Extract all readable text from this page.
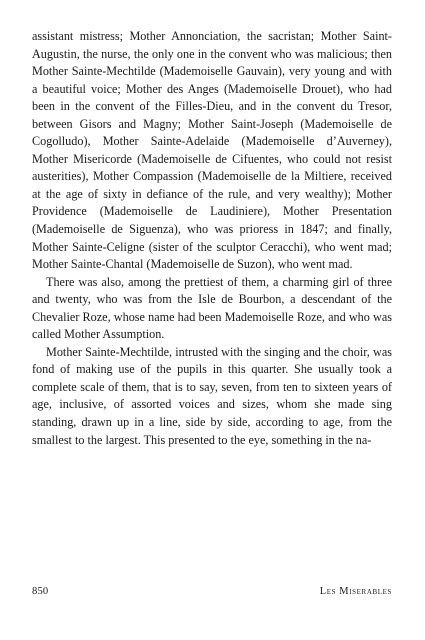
assistant mistress; Mother Annonciation, the sacristan; Mother Saint-Augustin, the nurse, the only one in the convent who was malicious; then Mother Sainte-Mechtilde (Mademoiselle Gauvain), very young and with a beautiful voice; Mother des Anges (Mademoiselle Drouet), who had been in the convent of the Filles-Dieu, and in the convent du Tresor, between Gisors and Magny; Mother Saint-Joseph (Mademoiselle de Cogolludo), Mother Sainte-Adelaide (Mademoiselle d’Auverney), Mother Misericorde (Mademoiselle de Cifuentes, who could not resist austerities), Mother Compassion (Mademoiselle de la Miltiere, received at the age of sixty in defiance of the rule, and very wealthy); Mother Providence (Mademoiselle de Laudiniere), Mother Presentation (Mademoiselle de Siguenza), who was prioress in 1847; and finally, Mother Sainte-Celigne (sister of the sculptor Ceracchi), who went mad; Mother Sainte-Chantal (Mademoiselle de Suzon), who went mad.

There was also, among the prettiest of them, a charming girl of three and twenty, who was from the Isle de Bourbon, a descendant of the Chevalier Roze, whose name had been Mademoiselle Roze, and who was called Mother Assumption.

Mother Sainte-Mechtilde, intrusted with the singing and the choir, was fond of making use of the pupils in this quarter. She usually took a complete scale of them, that is to say, seven, from ten to sixteen years of age, inclusive, of assorted voices and sizes, whom she made sing standing, drawn up in a line, side by side, according to age, from the smallest to the largest. This presented to the eye, something in the na-

850	Les Miserables
